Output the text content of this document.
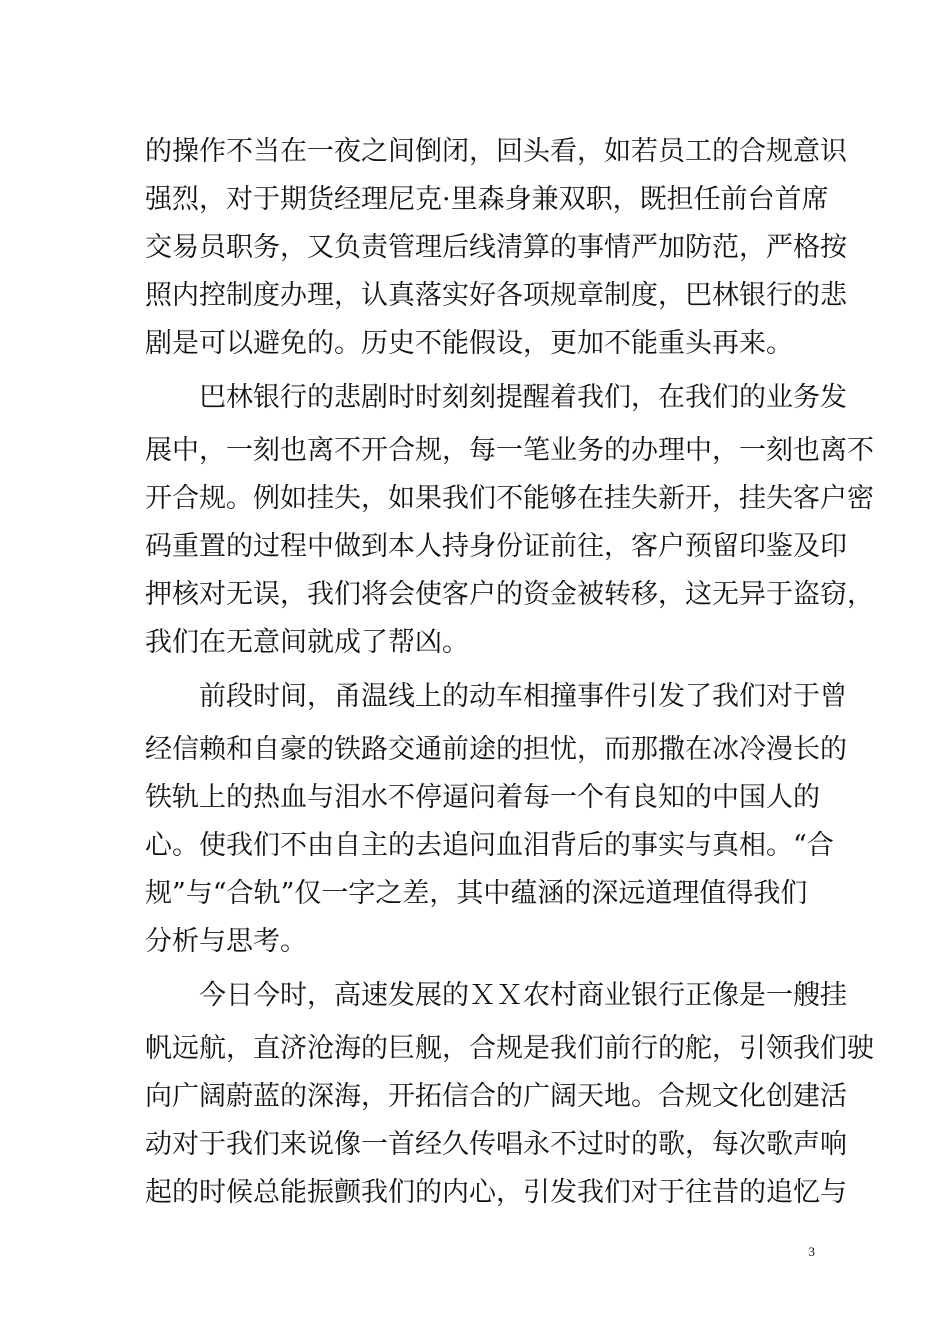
的操作不当在一夜之间倒闭，回头看，如若员工的合规意识
强烈，对于期货经理尼克·里森身兼双职，既担任前台首席
交易员职务，又负责管理后线清算的事情严加防范，严格按
照内控制度办理，认真落实好各项规章制度，巴林银行的悲
剧是可以避免的。历史不能假设，更加不能重头再来。
巴林银行的悲剧时时刻刻提醒着我们，在我们的业务发
展中，一刻也离不开合规，每一笔业务的办理中，一刻也离不
开合规。例如挂失，如果我们不能够在挂失新开，挂失客户密
码重置的过程中做到本人持身份证前往，客户预留印鉴及印
押核对无误，我们将会使客户的资金被转移，这无异于盗窃，
我们在无意间就成了帮凶。
前段时间，甬温线上的动车相撞事件引发了我们对于曾
经信赖和自豪的铁路交通前途的担忧，而那撒在冰冷漫长的
铁轨上的热血与泪水不停逼问着每一个有良知的中国人的
心。使我们不由自主的去追问血泪背后的事实与真相。“合
规”与“合轨”仅一字之差，其中蕴涵的深远道理值得我们
分析与思考。
今日今时，高速发展的ＸＸ农村商业银行正像是一艘挂
帆远航，直济沧海的巨舰，合规是我们前行的舵，引领我们驶
向广阔蔚蓝的深海，开拓信合的广阔天地。合规文化创建活
动对于我们来说像一首经久传唱永不过时的歌，每次歌声响
起的时候总能振颤我们的内心，引发我们对于往昔的追忆与
3
